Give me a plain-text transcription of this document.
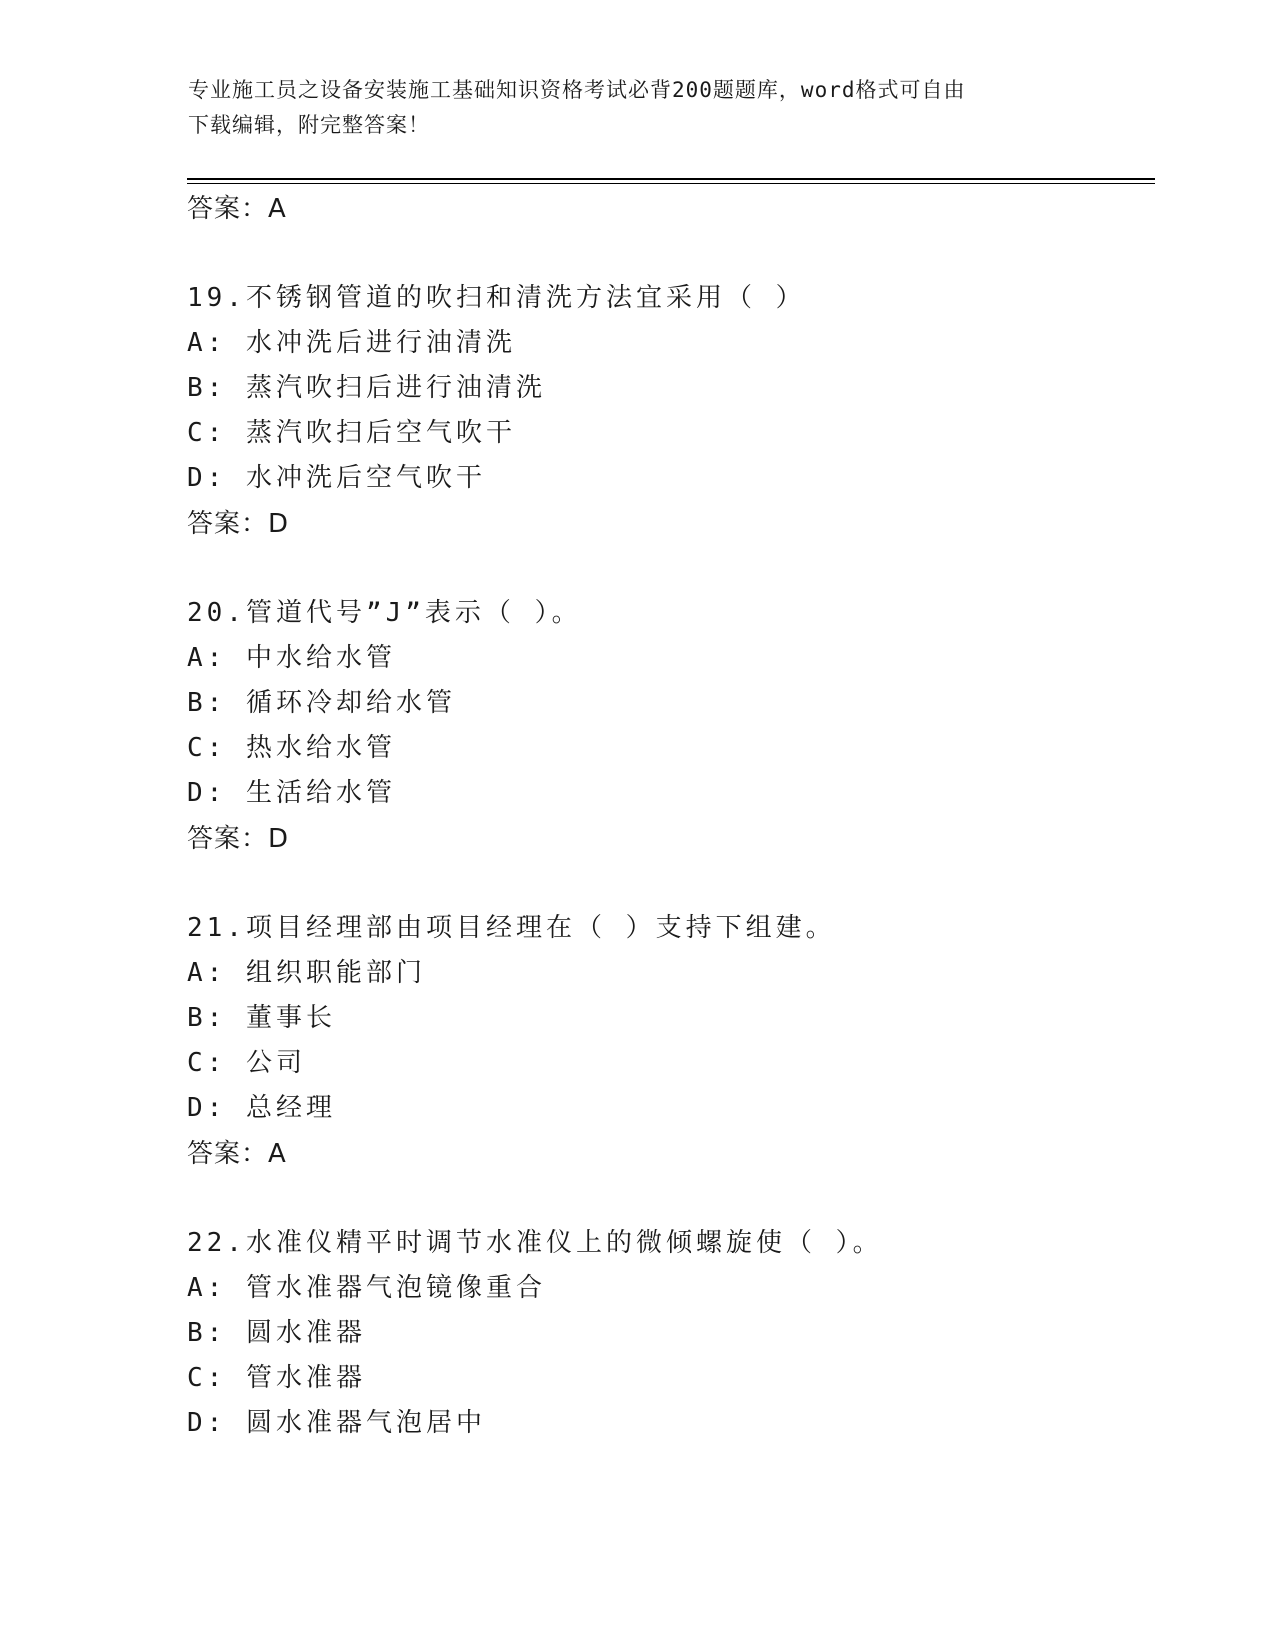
专业施工员之设备安装施工基础知识资格考试必背200题题库，word格式可自由
下载编辑，附完整答案！
答案：A
19.不锈钢管道的吹扫和清洗方法宜采用（ ）
A: 水冲洗后进行油清洗
B: 蒸汽吹扫后进行油清洗
C: 蒸汽吹扫后空气吹干
D: 水冲洗后空气吹干
答案：D
20.管道代号”J”表示（ ）。
A: 中水给水管
B: 循环冷却给水管
C: 热水给水管
D: 生活给水管
答案：D
21.项目经理部由项目经理在（ ）支持下组建。
A: 组织职能部门
B: 董事长
C: 公司
D: 总经理
答案：A
22.水准仪精平时调节水准仪上的微倾螺旋使（ ）。
A: 管水准器气泡镜像重合
B: 圆水准器
C: 管水准器
D: 圆水准器气泡居中
